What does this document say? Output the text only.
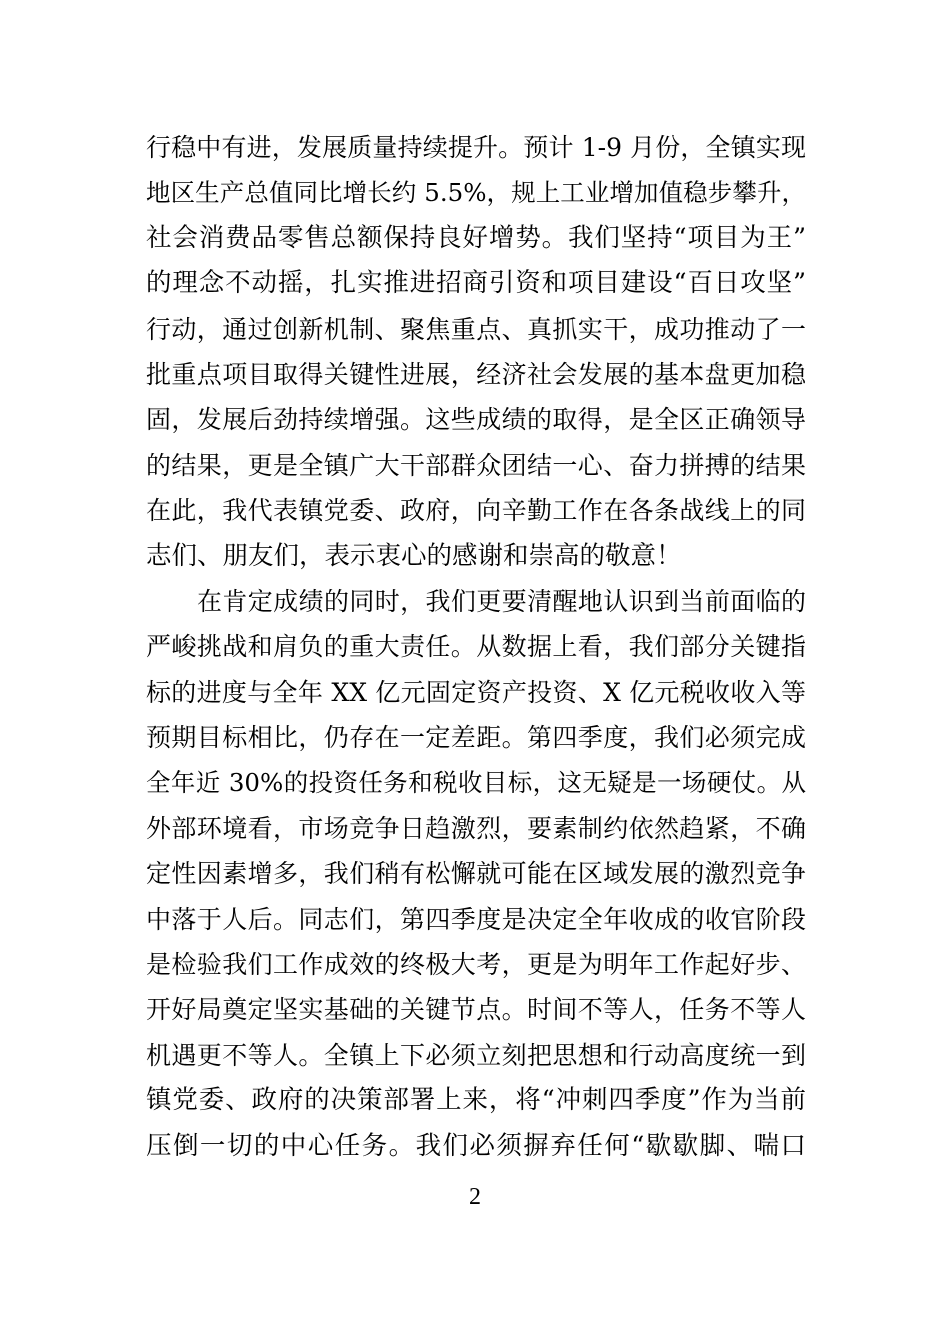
行稳中有进，发展质量持续提升。预计 1-9 月份，全镇实现
地区生产总值同比增长约 5.5%，规上工业增加值稳步攀升，
社会消费品零售总额保持良好增势。我们坚持“项目为王”
的理念不动摇，扎实推进招商引资和项目建设“百日攻坚”
行动，通过创新机制、聚焦重点、真抓实干，成功推动了一
批重点项目取得关键性进展，经济社会发展的基本盘更加稳
固，发展后劲持续增强。这些成绩的取得，是全区正确领导
的结果，更是全镇广大干部群众团结一心、奋力拼搏的结果
在此，我代表镇党委、政府，向辛勤工作在各条战线上的同
志们、朋友们，表示衷心的感谢和崇高的敬意！
在肯定成绩的同时，我们更要清醒地认识到当前面临的
严峻挑战和肩负的重大责任。从数据上看，我们部分关键指
标的进度与全年 XX 亿元固定资产投资、X 亿元税收收入等
预期目标相比，仍存在一定差距。第四季度，我们必须完成
全年近 30%的投资任务和税收目标，这无疑是一场硬仗。从
外部环境看，市场竞争日趋激烈，要素制约依然趋紧，不确
定性因素增多，我们稍有松懈就可能在区域发展的激烈竞争
中落于人后。同志们，第四季度是决定全年收成的收官阶段
是检验我们工作成效的终极大考，更是为明年工作起好步、
开好局奠定坚实基础的关键节点。时间不等人，任务不等人
机遇更不等人。全镇上下必须立刻把思想和行动高度统一到
镇党委、政府的决策部署上来，将“冲刺四季度”作为当前
压倒一切的中心任务。我们必须摒弃任何“歇歇脚、喘口
2
